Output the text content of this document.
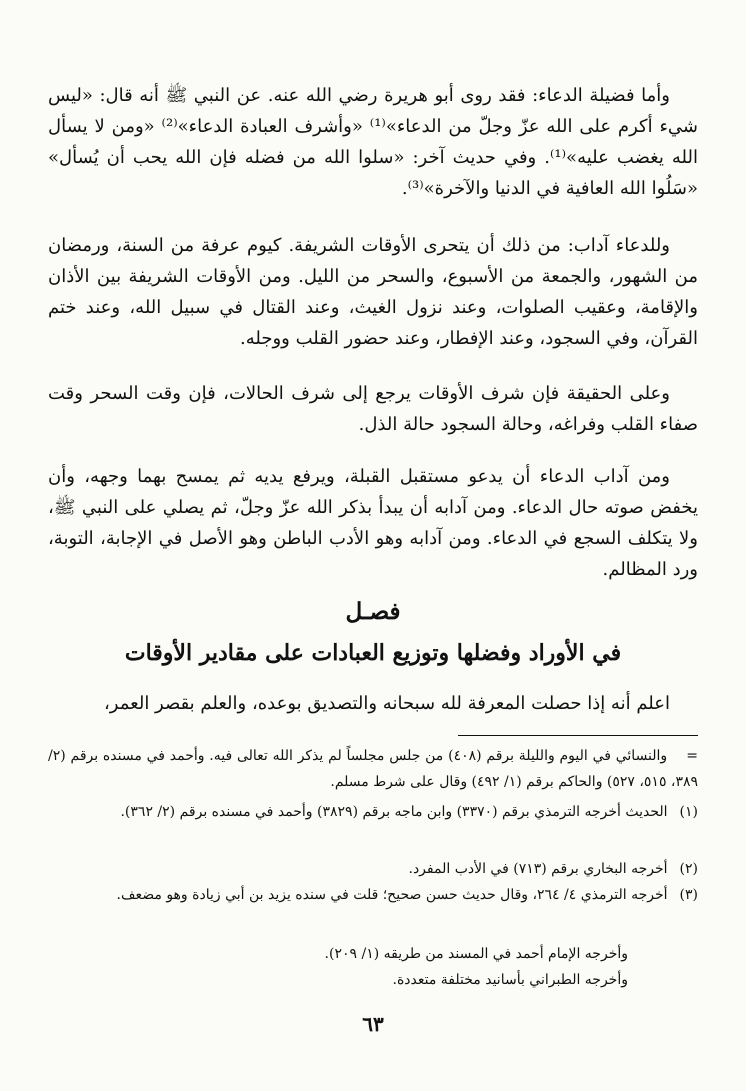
وأما فضيلة الدعاء: فقد روى أبو هريرة رضي الله عنه. عن النبي ﷺ أنه قال: «ليس شيء أكرم على الله عزّ وجلّ من الدعاء»⁽¹⁾ «وأشرف العبادة الدعاء»⁽²⁾ «ومن لا يسأل الله يغضب عليه»⁽¹⁾. وفي حديث آخر: «سلوا الله من فضله فإن الله يحب أن يُسأل» «سَلُوا الله العافية في الدنيا والآخرة»⁽³⁾.

وللدعاء آداب: من ذلك أن يتحرى الأوقات الشريفة. كيوم عرفة من السنة، ورمضان من الشهور، والجمعة من الأسبوع، والسحر من الليل. ومن الأوقات الشريفة بين الأذان والإقامة، وعقيب الصلوات، وعند نزول الغيث، وعند القتال في سبيل الله، وعند ختم القرآن، وفي السجود، وعند الإفطار، وعند حضور القلب ووجله.

وعلى الحقيقة فإن شرف الأوقات يرجع إلى شرف الحالات، فإن وقت السحر وقت صفاء القلب وفراغه، وحالة السجود حالة الذل.

ومن آداب الدعاء أن يدعو مستقبل القبلة، ويرفع يديه ثم يمسح بهما وجهه، وأن يخفض صوته حال الدعاء. ومن آدابه أن يبدأ بذكر الله عزّ وجلّ، ثم يصلي على النبي ﷺ، ولا يتكلف السجع في الدعاء. ومن آدابه وهو الأدب الباطن وهو الأصل في الإجابة، التوبة، ورد المظالم.

فصـل
في الأوراد وفضلها وتوزيع العبادات على مقادير الأوقات

اعلم أنه إذا حصلت المعرفة لله سبحانه والتصديق بوعده، والعلم بقصر العمر،

= والنسائي في اليوم والليلة برقم (٤٠٨) من جلس مجلساً لم يذكر الله تعالى فيه. وأحمد في مسنده برقم (٢/ ٣٨٩، ٥١٥، ٥٢٧) والحاكم برقم (١/ ٤٩٢) وقال على شرط مسلم.
(١) الحديث أخرجه الترمذي برقم (٣٣٧٠) وابن ماجه برقم (٣٨٢٩) وأحمد في مسنده برقم (٢/ ٣٦٢).
(٢) أخرجه البخاري برقم (٧١٣) في الأدب المفرد.
(٣) أخرجه الترمذي ٤/ ٢٦٤، وقال حديث حسن صحيح؛ قلت في سنده يزيد بن أبي زيادة وهو مضعف.
وأخرجه الإمام أحمد في المسند من طريقه (١/ ٢٠٩).
وأخرجه الطبراني بأسانيد مختلفة متعددة.
٦٣
